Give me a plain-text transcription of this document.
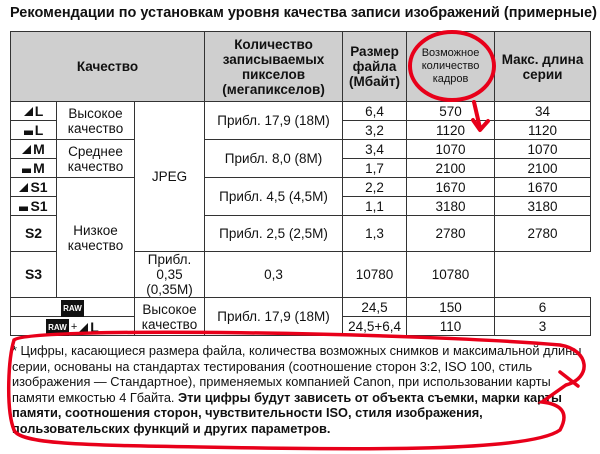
Рекомендации по установкам уровня качества записи изображений (примерные)
Качество			Количество записываемых пикселов (мегапикселов)	Размер файла (Мбайт)	Возможное количество кадров	Макс. длина серии

L	Высокое качество	JPEG	Прибл. 17,9 (18M)	6,4	570	34

L				3,2	1120	1120

M	Среднее качество		Прибл. 8,0 (8M)	3,4	1070	1070

M				1,7	2100	2100

S1	Низкое качество		Прибл. 4,5 (4,5M)	2,2	1670	1670

S1				1,1	3180	3180

S2			Прибл. 2,5 (2,5M)	1,3	2780	2780

S3		Прибл. 0,35 (0,35M)	0,3	10780	10780	

RAW		Высокое качество	Прибл. 17,9 (18M)	24,5	150	6

RAW + L				24,5+6,4	110	3
* Цифры, касающиеся размера файла, количества возможных снимков и максимальной длины серии, основаны на стандартах тестирования (соотношение сторон 3:2, ISO 100, стиль изображения — Стандартное), применяемых компанией Canon, при использовании карты памяти емкостью 4 Гбайта. Эти цифры будут зависеть от объекта съемки, марки карты памяти, соотношения сторон, чувствительности ISO, стиля изображения, пользовательских функций и других параметров.
